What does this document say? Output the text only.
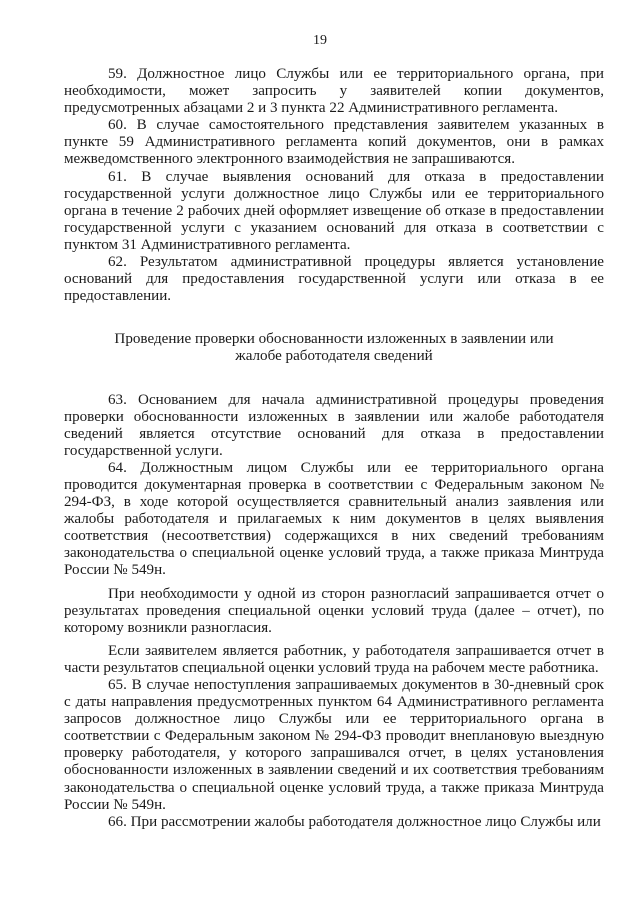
19

59. Должностное лицо Службы или ее территориального органа, при необходимости, может запросить у заявителей копии документов, предусмотренных абзацами 2 и 3 пункта 22 Административного регламента.

60. В случае самостоятельного представления заявителем указанных в пункте 59 Административного регламента копий документов, они в рамках межведомственного электронного взаимодействия не запрашиваются.

61. В случае выявления оснований для отказа в предоставлении государственной услуги должностное лицо Службы или ее территориального органа в течение 2 рабочих дней оформляет извещение об отказе в предоставлении государственной услуги с указанием оснований для отказа в соответствии с пунктом 31 Административного регламента.

62. Результатом административной процедуры является установление оснований для предоставления государственной услуги или отказа в ее предоставлении.

Проведение проверки обоснованности изложенных в заявлении или жалобе работодателя сведений

63. Основанием для начала административной процедуры проведения проверки обоснованности изложенных в заявлении или жалобе работодателя сведений является отсутствие оснований для отказа в предоставлении государственной услуги.

64. Должностным лицом Службы или ее территориального органа проводится документарная проверка в соответствии с Федеральным законом № 294-ФЗ, в ходе которой осуществляется сравнительный анализ заявления или жалобы работодателя и прилагаемых к ним документов в целях выявления соответствия (несоответствия) содержащихся в них сведений требованиям законодательства о специальной оценке условий труда, а также приказа Минтруда России № 549н.

При необходимости у одной из сторон разногласий запрашивается отчет о результатах проведения специальной оценки условий труда (далее – отчет), по которому возникли разногласия.

Если заявителем является работник, у работодателя запрашивается отчет в части результатов специальной оценки условий труда на рабочем месте работника.

65. В случае непоступления запрашиваемых документов в 30-дневный срок с даты направления предусмотренных пунктом 64 Административного регламента запросов должностное лицо Службы или ее территориального органа в соответствии с Федеральным законом № 294-ФЗ проводит внеплановую выездную проверку работодателя, у которого запрашивался отчет, в целях установления обоснованности изложенных в заявлении сведений и их соответствия требованиям законодательства о специальной оценке условий труда, а также приказа Минтруда России № 549н.

66. При рассмотрении жалобы работодателя должностное лицо Службы или
